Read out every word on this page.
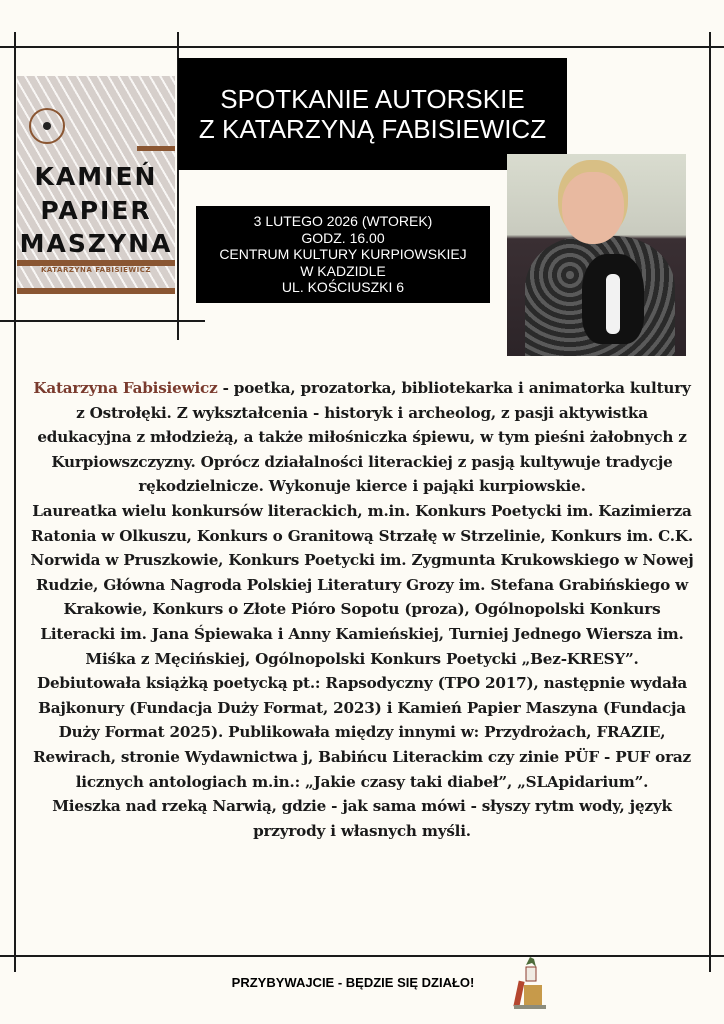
KAMIEŃ
PAPIER
MASZYNA
KATARZYNA FABISIEWICZ
SPOTKANIE AUTORSKIE
Z KATARZYNĄ FABISIEWICZ
3 LUTEGO 2026 (WTOREK)
GODZ. 16.00
CENTRUM KULTURY KURPIOWSKIEJ
W KADZIDLE
UL. KOŚCIUSZKI 6

Katarzyna Fabisiewicz - poetka, prozatorka, bibliotekarka i animatorka kultury z Ostrołęki. Z wykształcenia - historyk i archeolog, z pasji aktywistka edukacyjna z młodzieżą, a także miłośniczka śpiewu, w tym pieśni żałobnych z Kurpiowszczyzny. Oprócz działalności literackiej z pasją kultywuje tradycje rękodzielnicze. Wykonuje kierce i pająki kurpiowskie.

Laureatka wielu konkursów literackich, m.in. Konkurs Poetycki im. Kazimierza Ratonia w Olkuszu, Konkurs o Granitową Strzałę w Strzelinie, Konkurs im. C.K. Norwida w Pruszkowie, Konkurs Poetycki im. Zygmunta Krukowskiego w Nowej Rudzie, Główna Nagroda Polskiej Literatury Grozy im. Stefana Grabińskiego w Krakowie, Konkurs o Złote Pióro Sopotu (proza), Ogólnopolski Konkurs Literacki im. Jana Śpiewaka i Anny Kamieńskiej, Turniej Jednego Wiersza im. Miśka z Męcińskiej, Ogólnopolski Konkurs Poetycki „Bez-KRESY”.

Debiutowała książką poetycką pt.: Rapsodyczny (TPO 2017), następnie wydała Bajkonury (Fundacja Duży Format, 2023) i Kamień Papier Maszyna (Fundacja Duży Format 2025). Publikowała między innymi w: Przydrożach, FRAZIE, Rewirach, stronie Wydawnictwa j, Babińcu Literackim czy zinie PÜF - PUF oraz licznych antologiach m.in.: „Jakie czasy taki diabeł”, „SLApidarium”.

Mieszka nad rzeką Narwią, gdzie - jak sama mówi - słyszy rytm wody, język przyrody i własnych myśli.

PRZYBYWAJCIE - BĘDZIE SIĘ DZIAŁO!
